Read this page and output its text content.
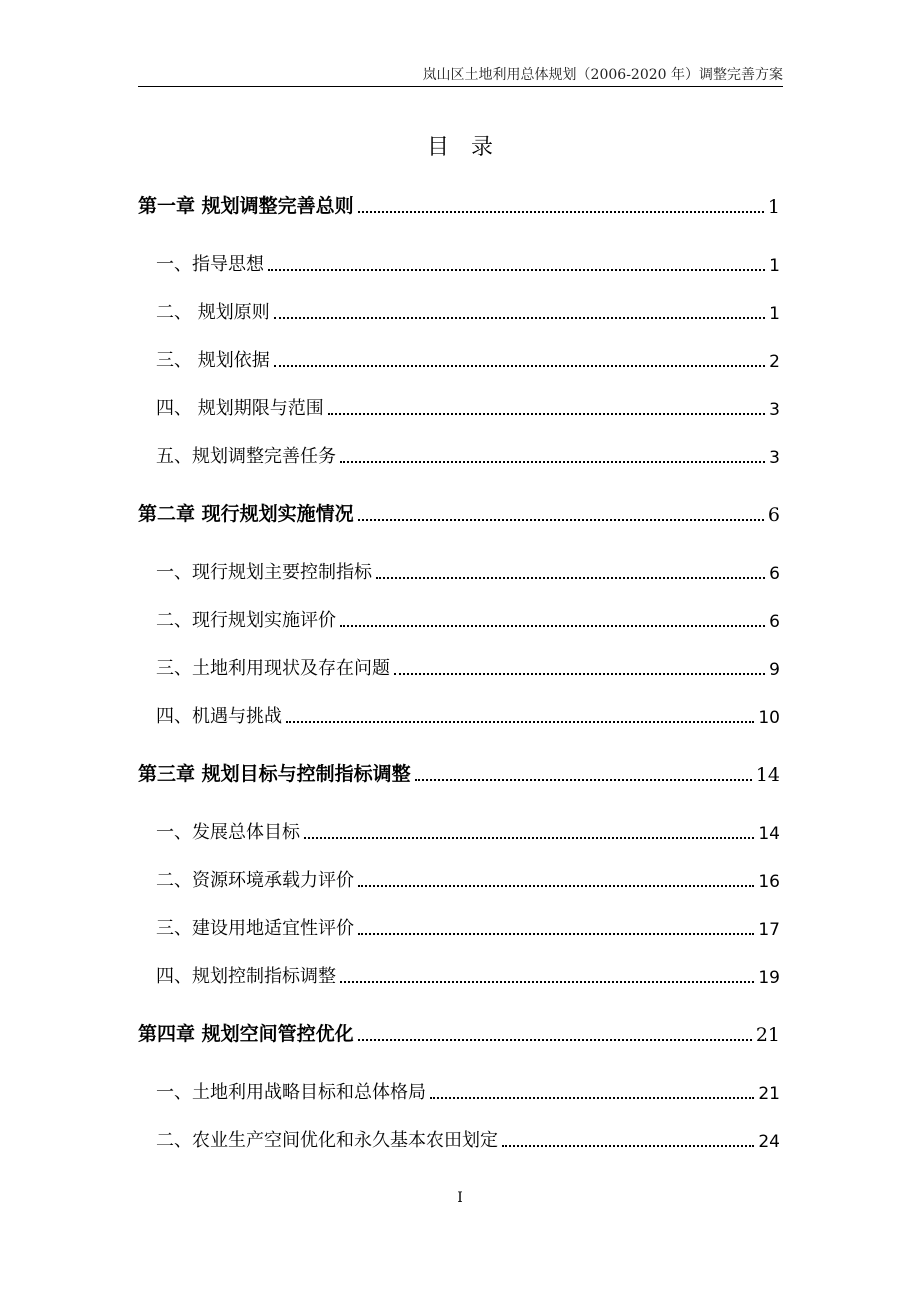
岚山区土地利用总体规划（2006-2020 年）调整完善方案
目录
第一章 规划调整完善总则	1
一、指导思想	1
二、 规划原则	1
三、 规划依据	2
四、 规划期限与范围	3
五、规划调整完善任务	3
第二章 现行规划实施情况	6
一、现行规划主要控制指标	6
二、现行规划实施评价	6
三、土地利用现状及存在问题	9
四、机遇与挑战	10
第三章 规划目标与控制指标调整	14
一、发展总体目标	14
二、资源环境承载力评价	16
三、建设用地适宜性评价	17
四、规划控制指标调整	19
第四章 规划空间管控优化	21
一、土地利用战略目标和总体格局	21
二、农业生产空间优化和永久基本农田划定	24
I
